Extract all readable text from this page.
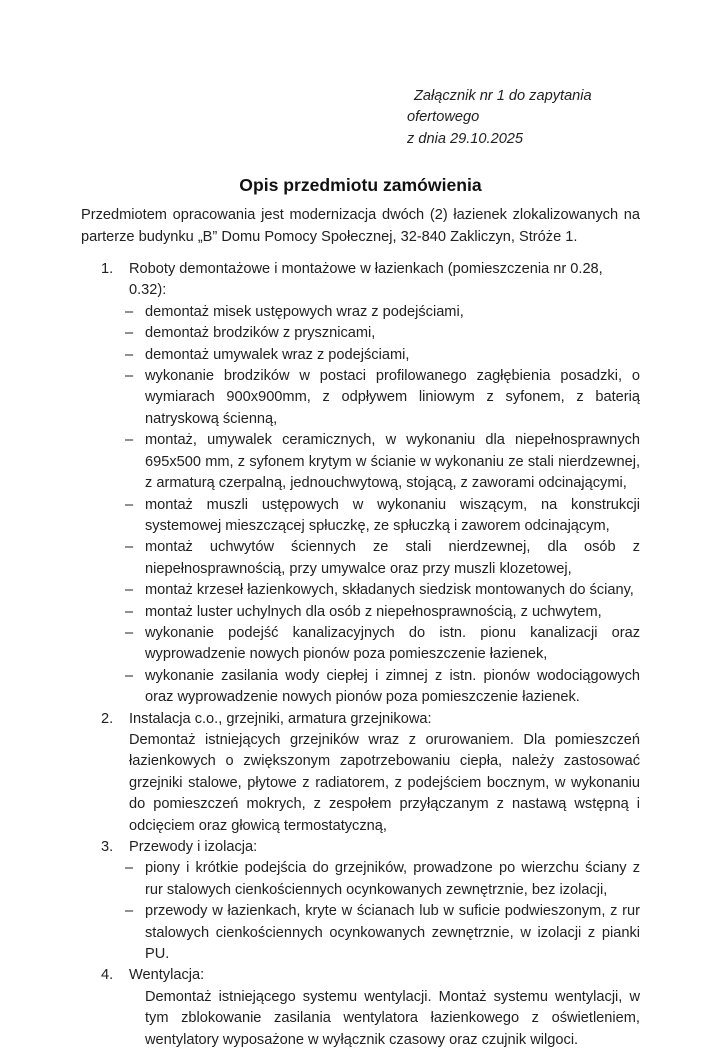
Załącznik nr 1 do zapytania ofertowego
z dnia 29.10.2025
Opis przedmiotu zamówienia

Przedmiotem opracowania jest modernizacja dwóch (2) łazienek zlokalizowanych na parterze budynku „B” Domu Pomocy Społecznej, 32-840 Zakliczyn, Stróże 1.

1.	Roboty demontażowe i montażowe w łazienkach (pomieszczenia nr 0.28, 0.32):
– demontaż misek ustępowych wraz z podejściami,
– demontaż brodzików z prysznicami,
– demontaż umywalek wraz z podejściami,
– wykonanie brodzików w postaci profilowanego zagłębienia posadzki, o wymiarach 900x900mm, z odpływem liniowym z syfonem, z baterią natryskową ścienną,
– montaż, umywalek ceramicznych, w wykonaniu dla niepełnosprawnych 695x500 mm, z syfonem krytym w ścianie w wykonaniu ze stali nierdzewnej, z armaturą czerpalną, jednouchwytową, stojącą, z zaworami odcinającymi,
– montaż muszli ustępowych w wykonaniu wiszącym, na konstrukcji systemowej mieszczącej spłuczkę, ze spłuczką i zaworem odcinającym,
– montaż uchwytów ściennych ze stali nierdzewnej, dla osób z niepełnosprawnością, przy umywalce oraz przy muszli klozetowej,
– montaż krzeseł łazienkowych, składanych siedzisk montowanych do ściany,
– montaż luster uchylnych dla osób z niepełnosprawnością, z uchwytem,
– wykonanie podejść kanalizacyjnych do istn. pionu kanalizacji oraz wyprowadzenie nowych pionów poza pomieszczenie łazienek,
– wykonanie zasilania wody ciepłej i zimnej z istn. pionów wodociągowych oraz wyprowadzenie nowych pionów poza pomieszczenie łazienek.
2.	Instalacja c.o., grzejniki, armatura grzejnikowa:

Demontaż istniejących grzejników wraz z orurowaniem. Dla pomieszczeń łazienkowych o zwiększonym zapotrzebowaniu ciepła, należy zastosować grzejniki stalowe, płytowe z radiatorem, z podejściem bocznym, w wykonaniu do pomieszczeń mokrych, z zespołem przyłączanym z nastawą wstępną i odcięciem oraz głowicą termostatyczną,

3.	Przewody i izolacja:
– piony i krótkie podejścia do grzejników, prowadzone po wierzchu ściany z rur stalowych cienkościennych ocynkowanych zewnętrznie, bez izolacji,
– przewody w łazienkach, kryte w ścianach lub w suficie podwieszonym, z rur stalowych cienkościennych ocynkowanych zewnętrznie, w izolacji z pianki PU.
4.	Wentylacja:

Demontaż istniejącego systemu wentylacji. Montaż systemu wentylacji, w tym zblokowanie zasilania wentylatora łazienkowego z oświetleniem, wentylatory wyposażone w wyłącznik czasowy oraz czujnik wilgoci.
